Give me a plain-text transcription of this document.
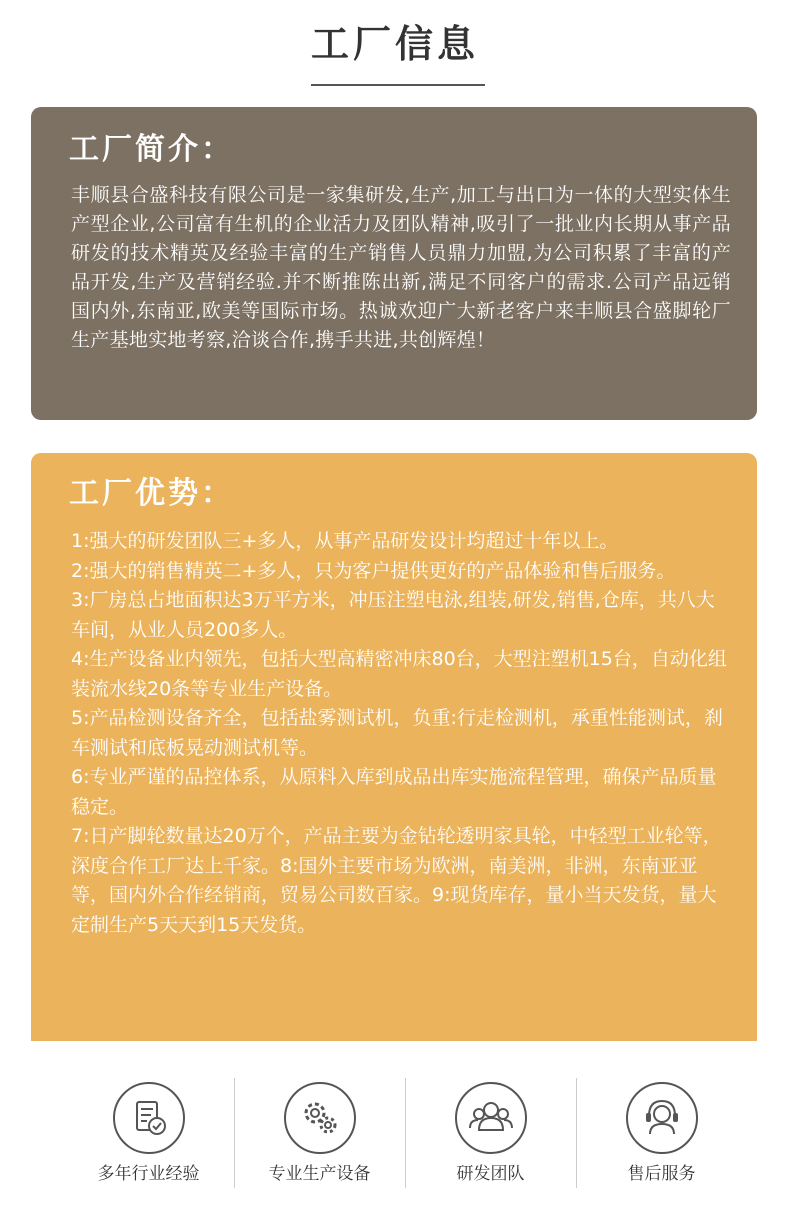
工厂信息
工厂简介：
丰顺县合盛科技有限公司是一家集研发,生产,加工与出口为一体的大型实体生产型企业,公司富有生机的企业活力及团队精神,吸引了一批业内长期从事产品研发的技术精英及经验丰富的生产销售人员鼎力加盟,为公司积累了丰富的产品开发,生产及营销经验.并不断推陈出新,满足不同客户的需求.公司产品远销国内外,东南亚,欧美等国际市场。热诚欢迎广大新老客户来丰顺县合盛脚轮厂生产基地实地考察,洽谈合作,携手共进,共创辉煌！
工厂优势：

1:强大的研发团队三+多人，从事产品研发设计均超过十年以上。

2:强大的销售精英二+多人，只为客户提供更好的产品体验和售后服务。

3:厂房总占地面积达3万平方米，冲压注塑电泳,组装,研发,销售,仓库，共八大车间，从业人员200多人。

4:生产设备业内领先，包括大型高精密冲床80台，大型注塑机15台，自动化组装流水线20条等专业生产设备。

5:产品检测设备齐全，包括盐雾测试机，负重:行走检测机，承重性能测试，刹车测试和底板晃动测试机等。

6:专业严谨的品控体系，从原料入库到成品出库实施流程管理，确保产品质量稳定。

7:日产脚轮数量达20万个，产品主要为金钻轮透明家具轮，中轻型工业轮等，深度合作工厂达上千家。8:国外主要市场为欧洲，南美洲，非洲，东南亚亚等，国内外合作经销商，贸易公司数百家。9:现货库存，量小当天发货，量大定制生产5天天到15天发货。

多年行业经验	专业生产设备	研发团队	售后服务
